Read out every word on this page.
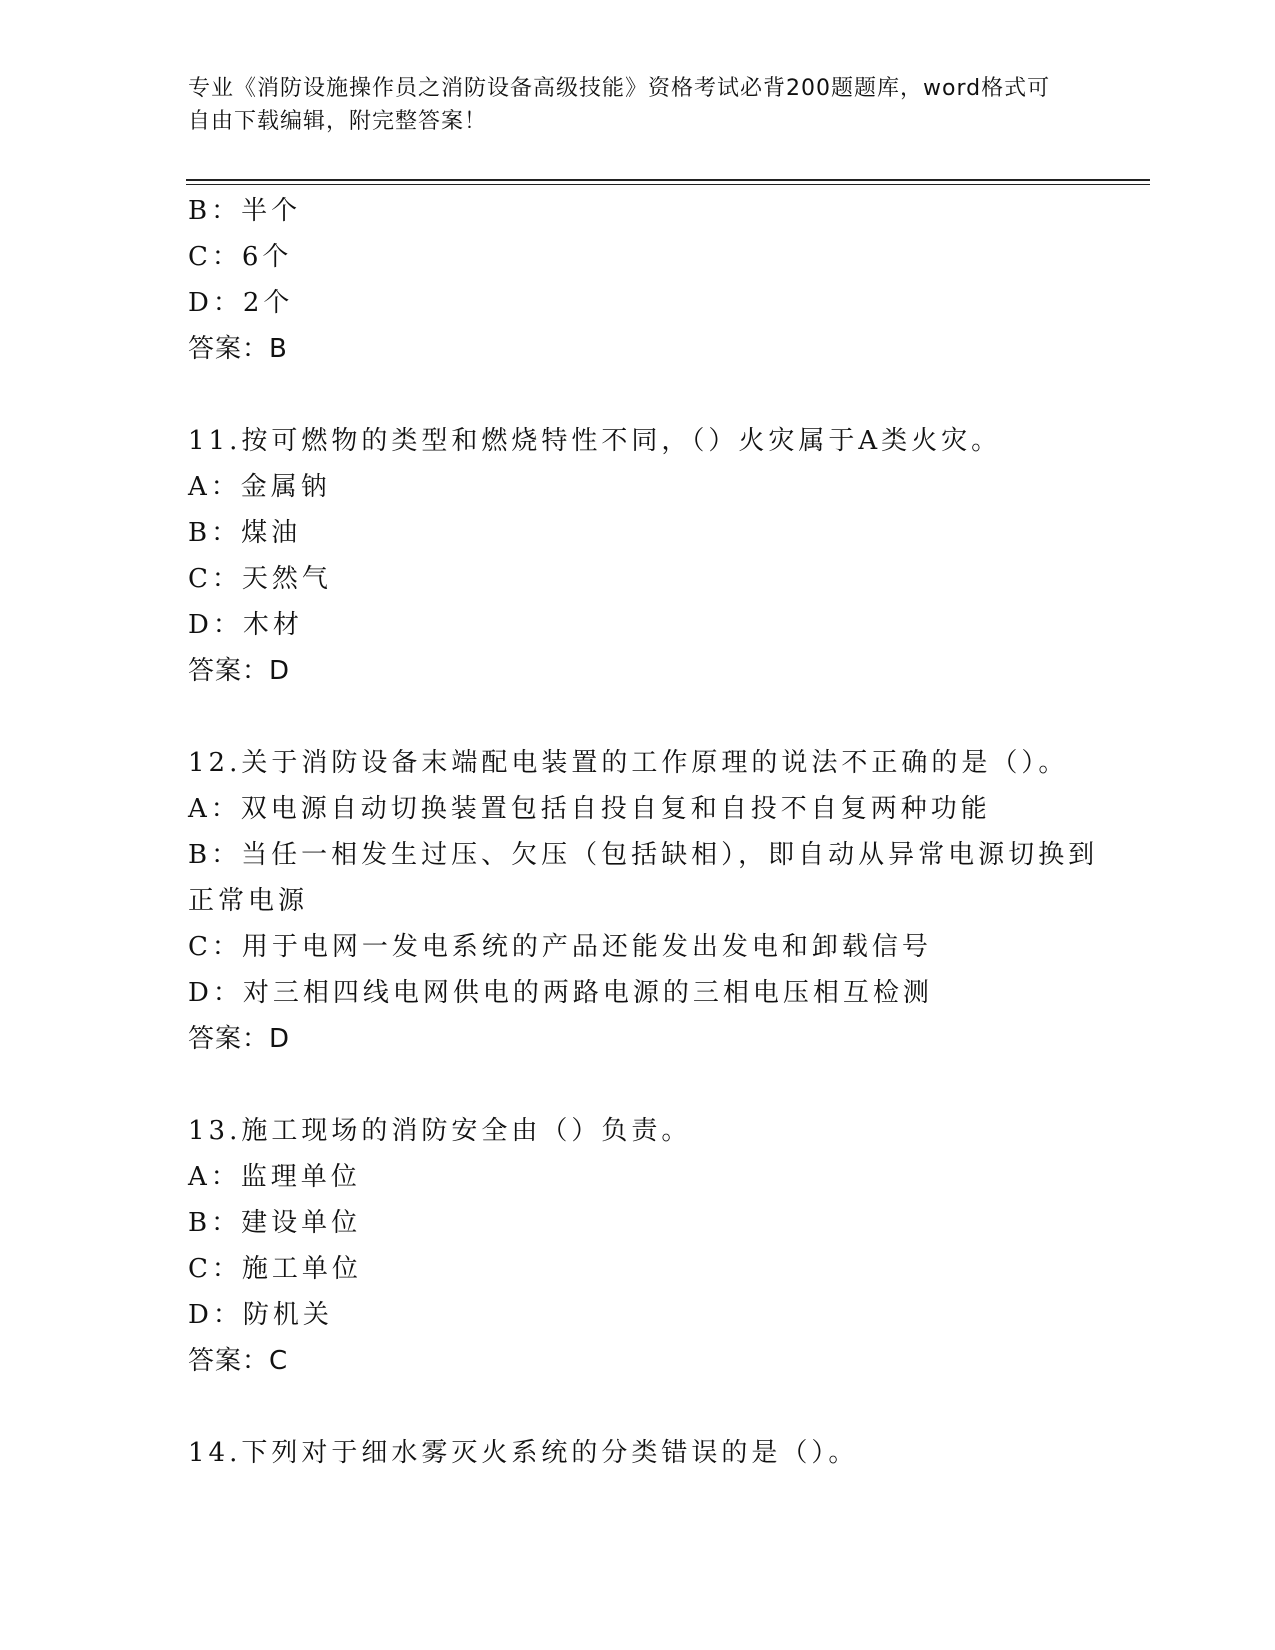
专业《消防设施操作员之消防设备高级技能》资格考试必背200题题库，word格式可自由下载编辑，附完整答案！
B：半个
C：6个
D：2个
答案：B
11.按可燃物的类型和燃烧特性不同，（）火灾属于A类火灾。
A：金属钠
B：煤油
C：天然气
D：木材
答案：D
12.关于消防设备末端配电装置的工作原理的说法不正确的是（）。
A：双电源自动切换装置包括自投自复和自投不自复两种功能
B：当任一相发生过压、欠压（包括缺相），即自动从异常电源切换到
正常电源
C：用于电网一发电系统的产品还能发出发电和卸载信号
D：对三相四线电网供电的两路电源的三相电压相互检测
答案：D
13.施工现场的消防安全由（）负责。
A：监理单位
B：建设单位
C：施工单位
D：防机关
答案：C
14.下列对于细水雾灭火系统的分类错误的是（）。
